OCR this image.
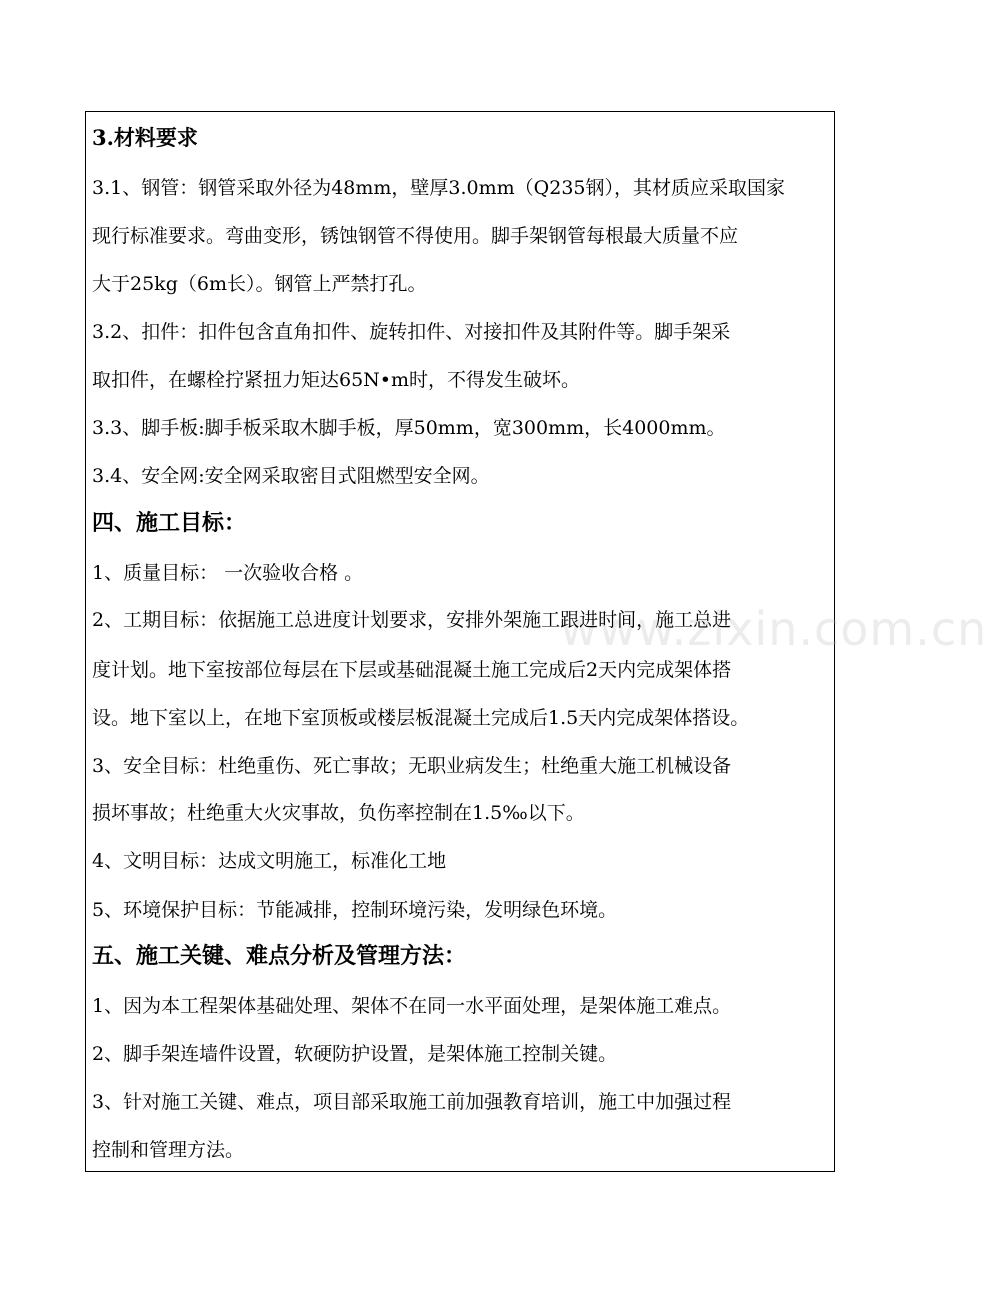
www.zixin.com.cn

3.材料要求

3.1、钢管：钢管采取外径为48mm，壁厚3.0mm（Q235钢），其材质应采取国家

现行标准要求。弯曲变形，锈蚀钢管不得使用。脚手架钢管每根最大质量不应

大于25kg（6m长）。钢管上严禁打孔。

3.2、扣件：扣件包含直角扣件、旋转扣件、对接扣件及其附件等。脚手架采

取扣件，在螺栓拧紧扭力矩达65N•m时，不得发生破坏。

3.3、脚手板:脚手板采取木脚手板，厚50mm，宽300mm，长4000mm。

3.4、安全网:安全网采取密目式阻燃型安全网。

四、施工目标：

1、质量目标： 一次验收合格 。

2、工期目标：依据施工总进度计划要求，安排外架施工跟进时间，施工总进

度计划。地下室按部位每层在下层或基础混凝土施工完成后2天内完成架体搭

设。地下室以上，在地下室顶板或楼层板混凝土完成后1.5天内完成架体搭设。

3、安全目标：杜绝重伤、死亡事故；无职业病发生；杜绝重大施工机械设备

损坏事故；杜绝重大火灾事故，负伤率控制在1.5‰以下。

4、文明目标：达成文明施工，标准化工地

5、环境保护目标：节能减排，控制环境污染，发明绿色环境。

五、施工关键、难点分析及管理方法：

1、因为本工程架体基础处理、架体不在同一水平面处理，是架体施工难点。

2、脚手架连墙件设置，软硬防护设置，是架体施工控制关键。

3、针对施工关键、难点，项目部采取施工前加强教育培训，施工中加强过程

控制和管理方法。
